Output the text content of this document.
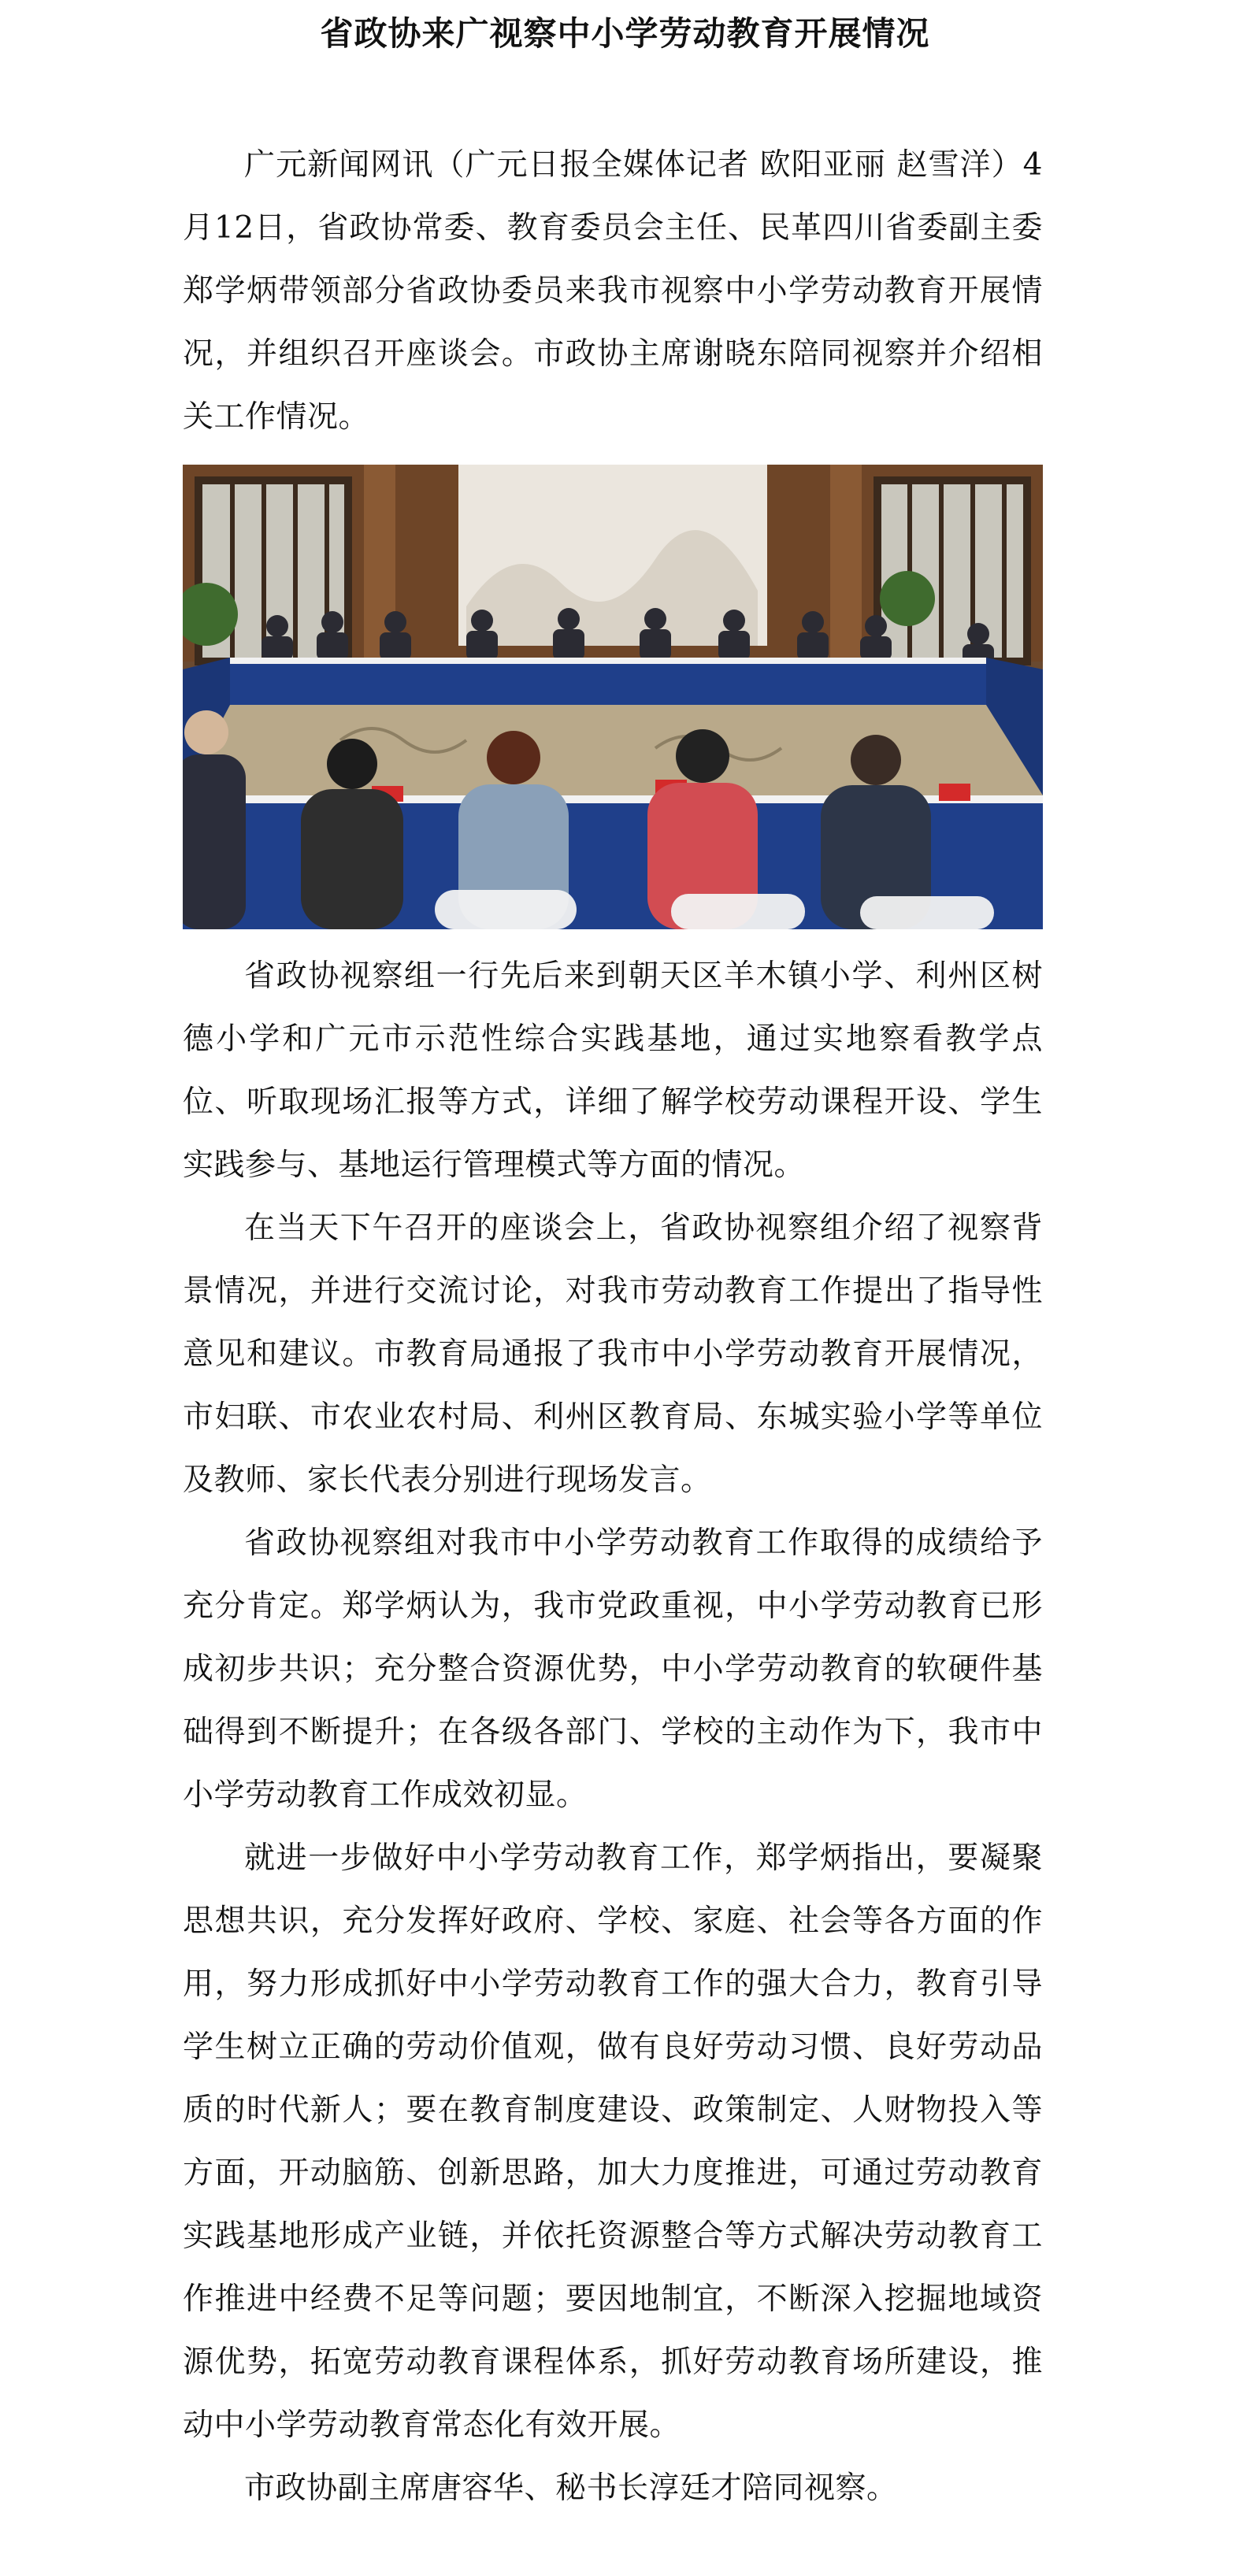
省政协来广视察中小学劳动教育开展情况

广元新闻网讯（广元日报全媒体记者 欧阳亚丽 赵雪洋）4月12日，省政协常委、教育委员会主任、民革四川省委副主委郑学炳带领部分省政协委员来我市视察中小学劳动教育开展情况，并组织召开座谈会。市政协主席谢晓东陪同视察并介绍相关工作情况。

省政协视察组一行先后来到朝天区羊木镇小学、利州区树德小学和广元市示范性综合实践基地，通过实地察看教学点位、听取现场汇报等方式，详细了解学校劳动课程开设、学生实践参与、基地运行管理模式等方面的情况。

在当天下午召开的座谈会上，省政协视察组介绍了视察背景情况，并进行交流讨论，对我市劳动教育工作提出了指导性意见和建议。市教育局通报了我市中小学劳动教育开展情况，市妇联、市农业农村局、利州区教育局、东城实验小学等单位及教师、家长代表分别进行现场发言。

省政协视察组对我市中小学劳动教育工作取得的成绩给予充分肯定。郑学炳认为，我市党政重视，中小学劳动教育已形成初步共识；充分整合资源优势，中小学劳动教育的软硬件基础得到不断提升；在各级各部门、学校的主动作为下，我市中小学劳动教育工作成效初显。

就进一步做好中小学劳动教育工作，郑学炳指出，要凝聚思想共识，充分发挥好政府、学校、家庭、社会等各方面的作用，努力形成抓好中小学劳动教育工作的强大合力，教育引导学生树立正确的劳动价值观，做有良好劳动习惯、良好劳动品质的时代新人；要在教育制度建设、政策制定、人财物投入等方面，开动脑筋、创新思路，加大力度推进，可通过劳动教育实践基地形成产业链，并依托资源整合等方式解决劳动教育工作推进中经费不足等问题；要因地制宜，不断深入挖掘地域资源优势，拓宽劳动教育课程体系，抓好劳动教育场所建设，推动中小学劳动教育常态化有效开展。

市政协副主席唐容华、秘书长淳廷才陪同视察。
